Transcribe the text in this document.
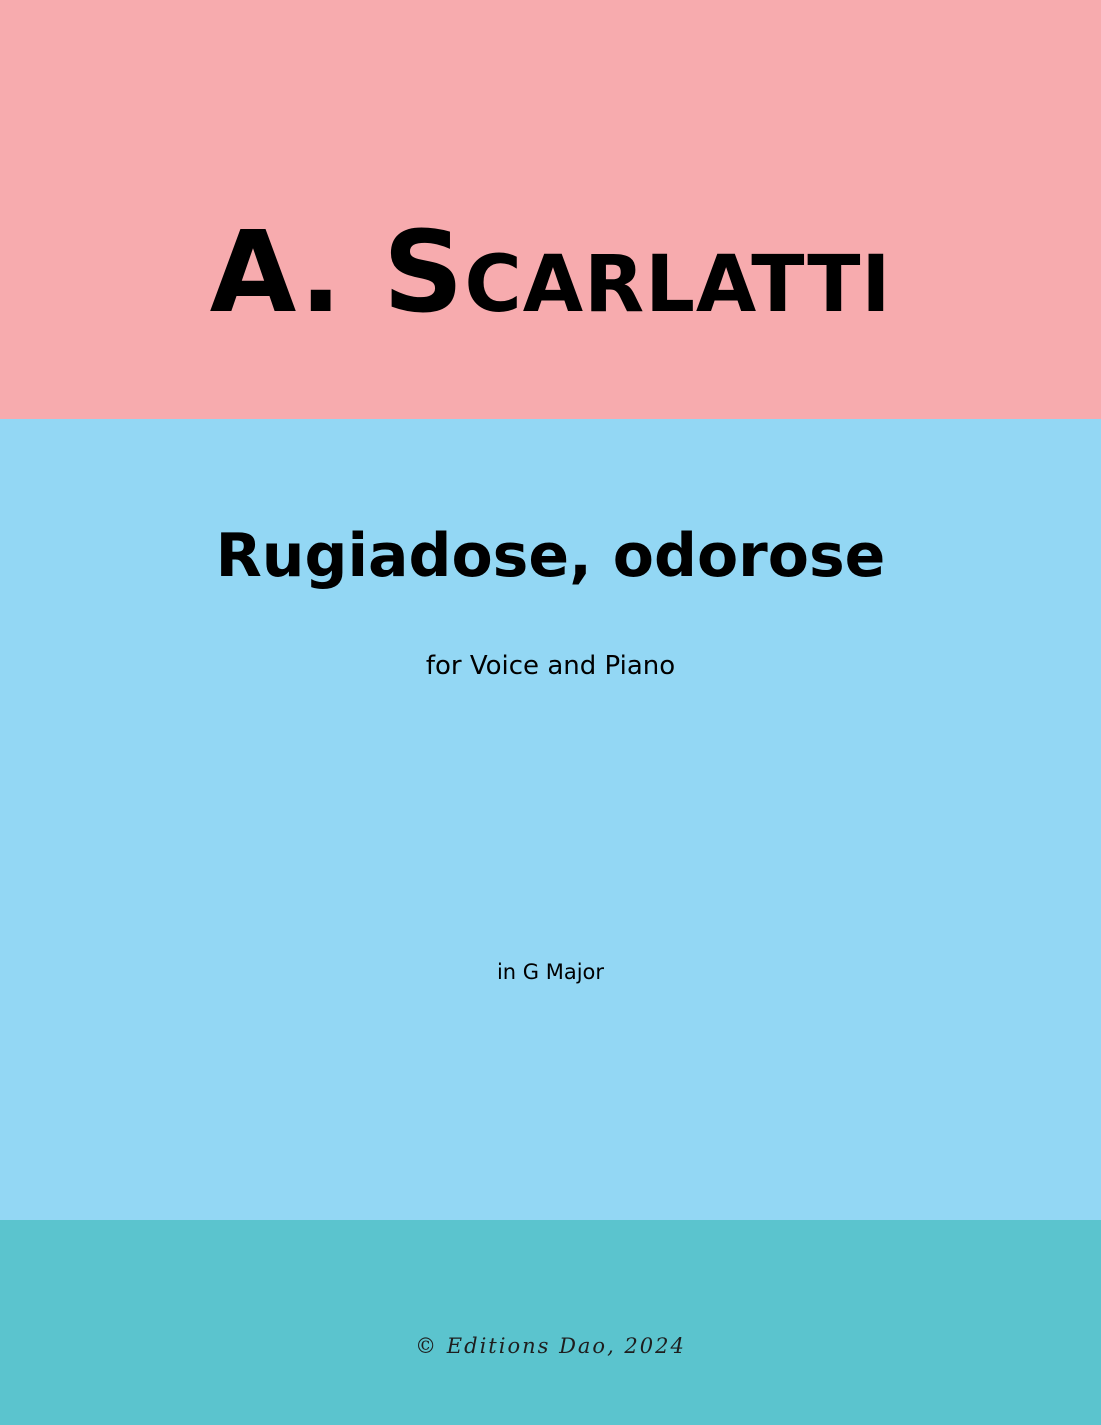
A. Scarlatti
Rugiadose, odorose
for Voice and Piano
in G Major
© Editions Dao, 2024
